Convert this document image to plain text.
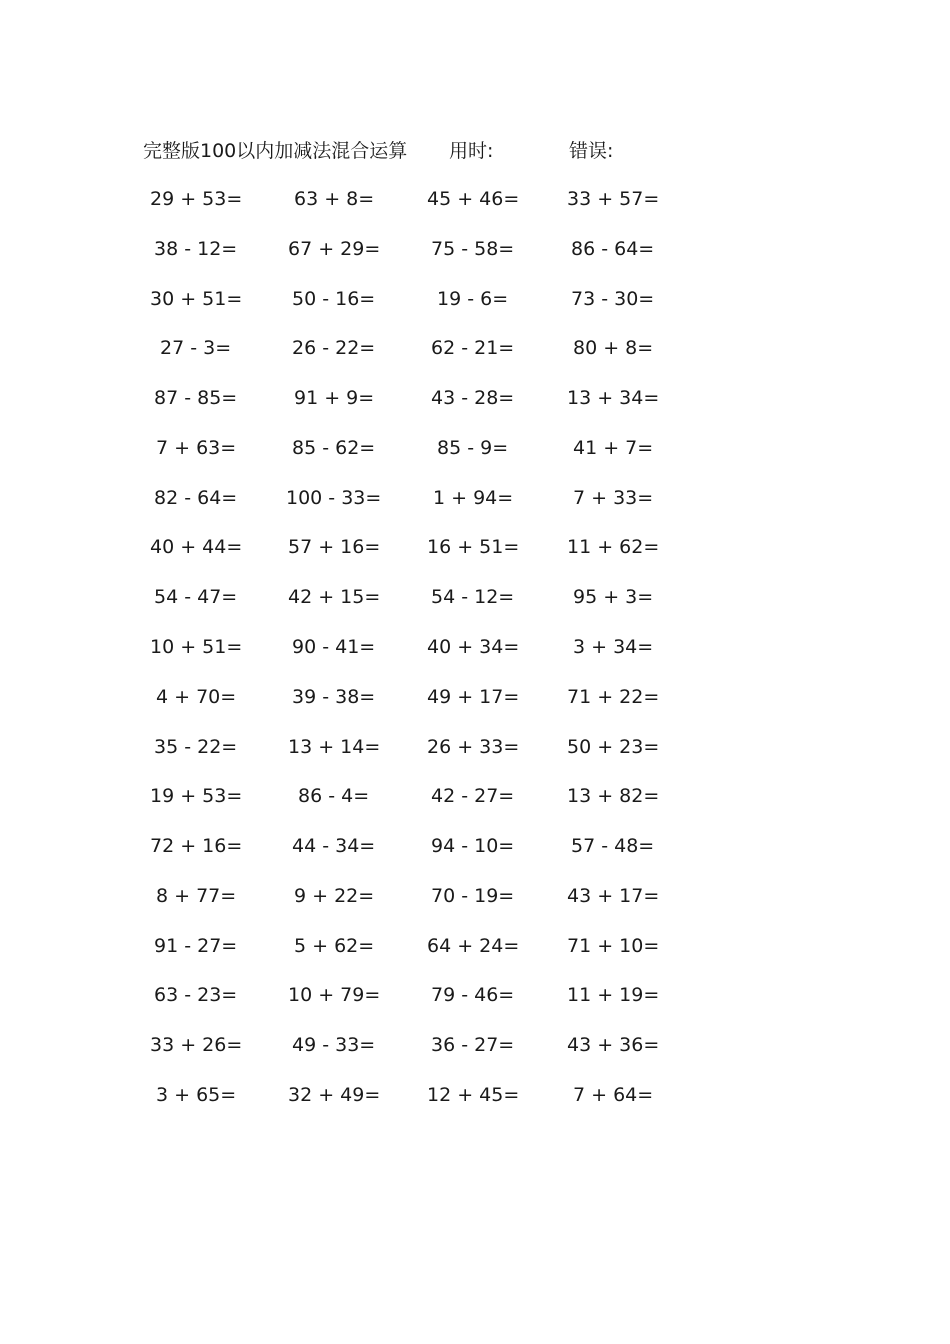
完整版100以内加减法混合运算 用时:	错误:
29 + 53=	63 + 8=	45 + 46=	33 + 57=
38 - 12=	67 + 29=	75 - 58=	86 - 64=
30 + 51=	50 - 16=	19 - 6=	73 - 30=
27 - 3=	26 - 22=	62 - 21=	80 + 8=
87 - 85=	91 + 9=	43 - 28=	13 + 34=
7 + 63=	85 - 62=	85 - 9=	41 + 7=
82 - 64=	100 - 33=	1 + 94=	7 + 33=
40 + 44= 57 + 16= 16 + 51=	11 + 62=
54 - 47=	42 + 15=	54 - 12=	95 + 3=
10 + 51=	90 - 41=	40 + 34=	3 + 34=
4 + 70=	39 - 38=	49 + 17=	71 + 22=
35 - 22=	13 + 14= 26 + 33=	50 + 23=
19 + 53=	86 - 4=	42 - 27=	13 + 82=
72 + 16=	44 - 34=	94 - 10=	57 - 48=
8 + 77=	9 + 22=	70 - 19=	43 + 17=
91 - 27=	5 + 62=	64 + 24=	71 + 10=
63 - 23=	10 + 79=	79 - 46=	11 + 19=
33 + 26=	49 - 33=	36 - 27=	43 + 36=
3 + 65=	32 + 49= 12 + 45=	7 + 64=
